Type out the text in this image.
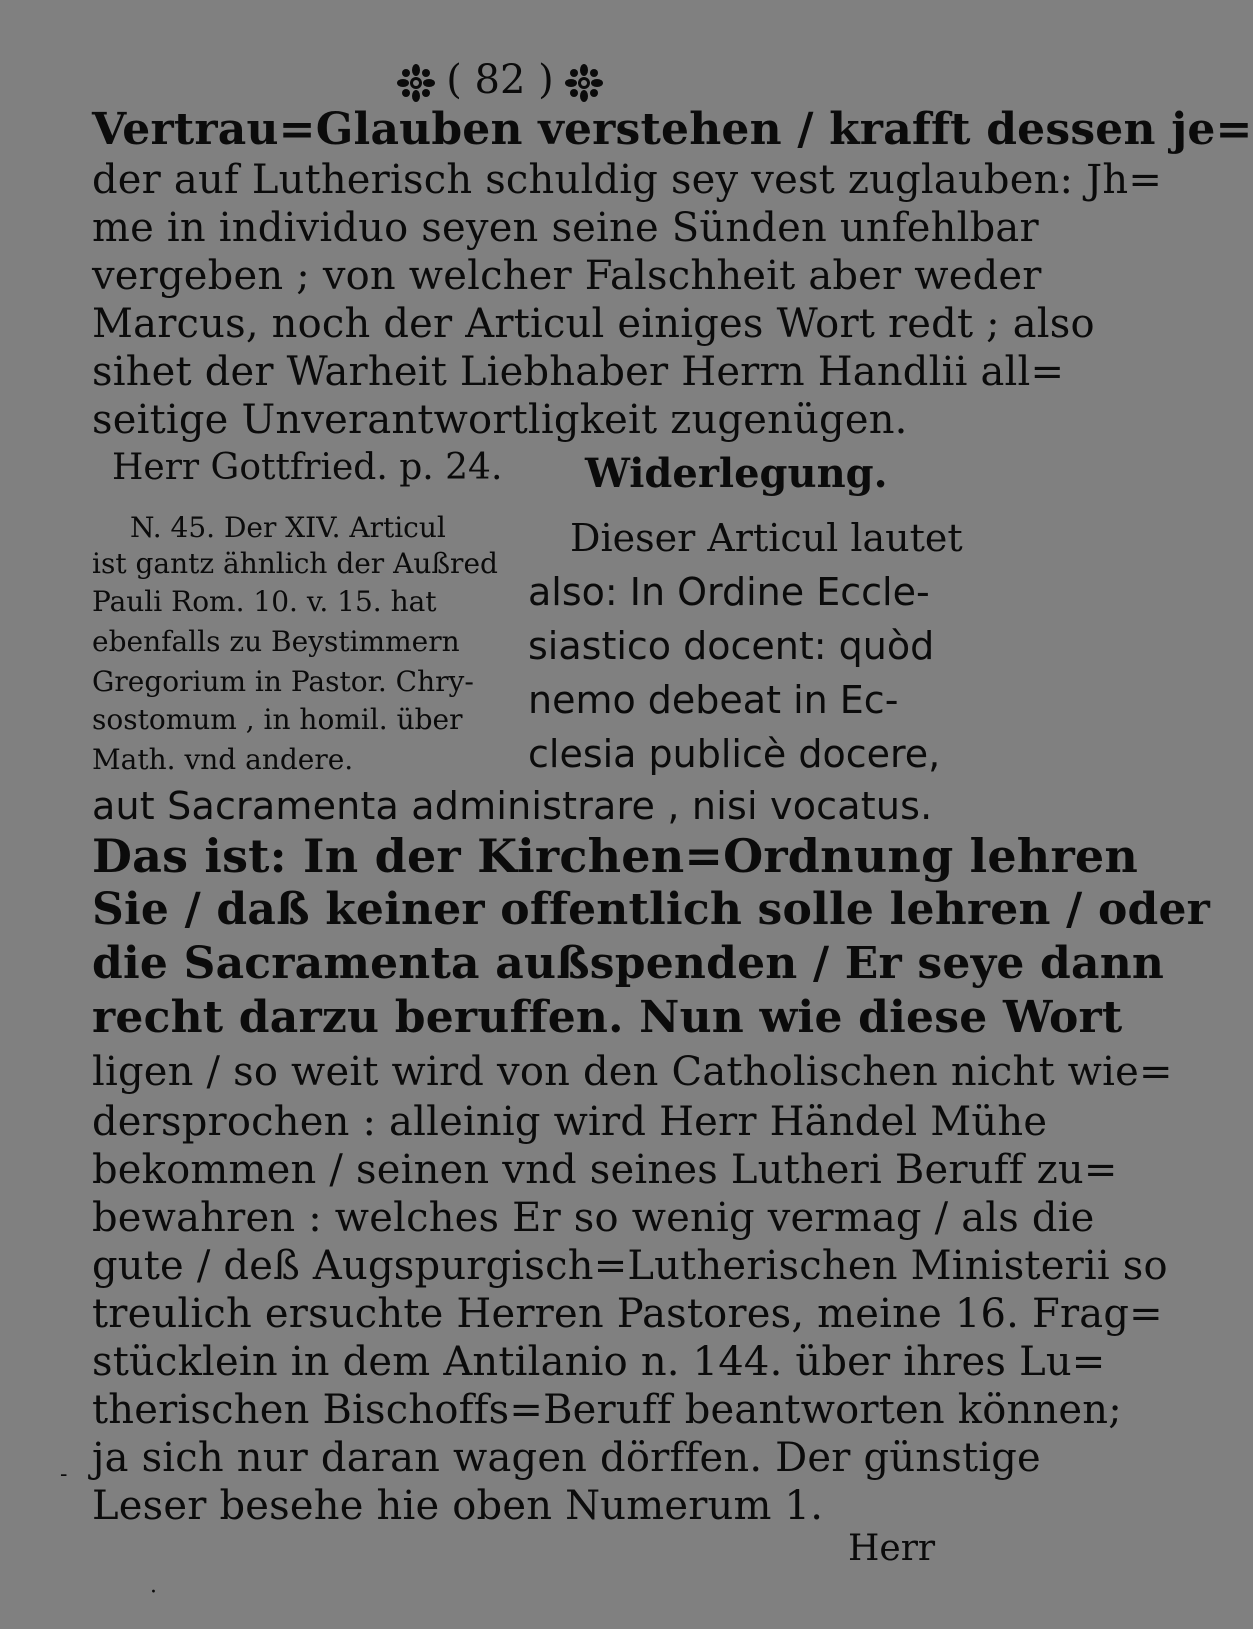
( 82 )
Vertrau=Glauben verstehen / krafft dessen je=
der auf Lutherisch schuldig sey vest zuglauben: Jh=
me in individuo seyen seine Sünden unfehlbar
vergeben ; von welcher Falschheit aber weder
Marcus, noch der Articul einiges Wort redt ; also
sihet der Warheit Liebhaber Herrn Handlii all=
seitige Unverantwortligkeit zugenügen.
Herr Gottfried. p. 24.	Widerlegung.
N. 45. Der XIV. Articul
ist gantz ähnlich der Außred
Pauli Rom. 10. v. 15. hat
ebenfalls zu Beystimmern
Gregorium in Pastor. Chry-
sostomum , in homil. über
Math. vnd andere.
Dieser Articul lautet
also: In Ordine Eccle-
siastico docent: quòd
nemo debeat in Ec-
clesia publicè docere,
aut Sacramenta administrare , nisi vocatus.
Das ist: In der Kirchen=Ordnung lehren
Sie / daß keiner offentlich solle lehren / oder
die Sacramenta außspenden / Er seye dann
recht darzu beruffen. Nun wie diese Wort
ligen / so weit wird von den Catholischen nicht wie=
dersprochen : alleinig wird Herr Händel Mühe
bekommen / seinen vnd seines Lutheri Beruff zu=
bewahren : welches Er so wenig vermag / als die
gute / deß Augspurgisch=Lutherischen Ministerii so
treulich ersuchte Herren Pastores, meine 16. Frag=
stücklein in dem Antilanio n. 144. über ihres Lu=
therischen Bischoffs=Beruff beantworten können;
ja sich nur daran wagen dörffen. Der günstige
Leser besehe hie oben Numerum 1.
Herr
-
·
